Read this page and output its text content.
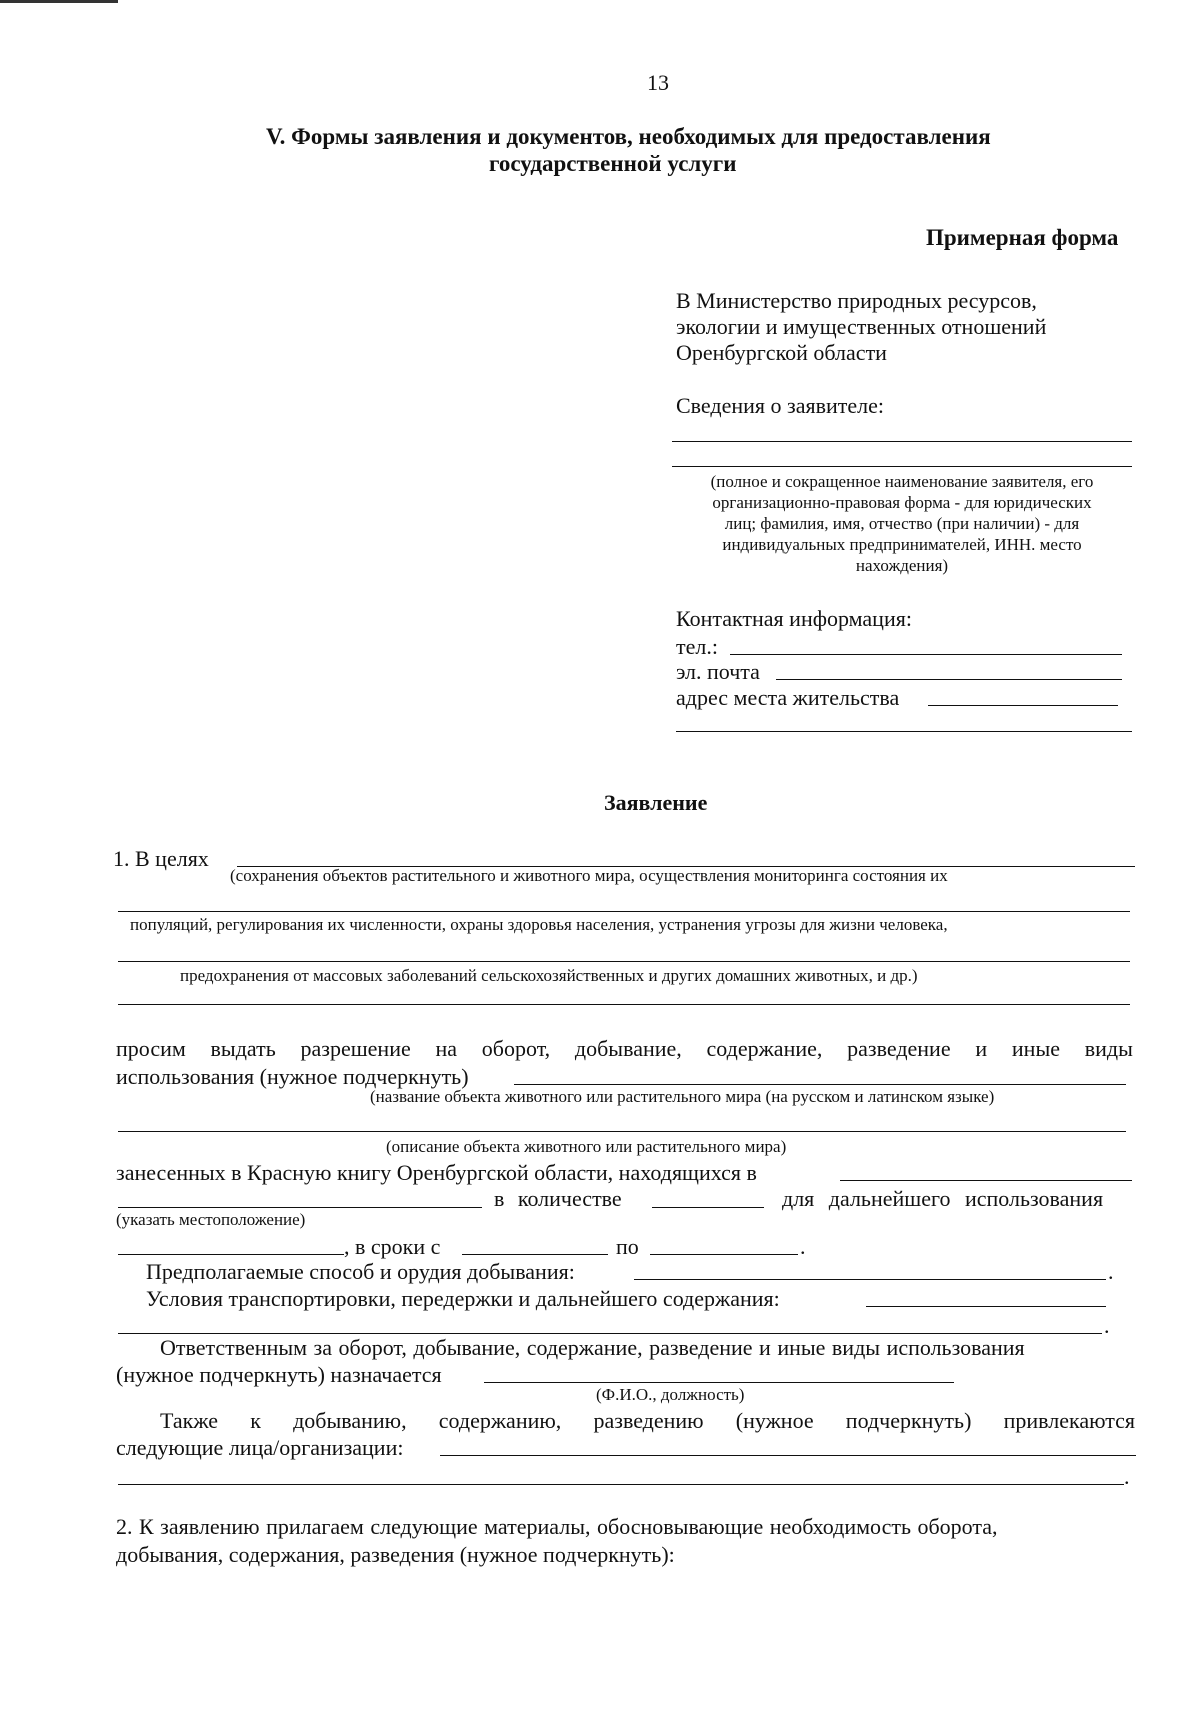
13
V. Формы заявления и документов, необходимых для предоставления
государственной услуги
Примерная форма
В Министерство природных ресурсов,
экологии и имущественных отношений
Оренбургской области
Сведения о заявителе:
(полное и сокращенное наименование заявителя, его
организационно-правовая форма - для юридических
лиц; фамилия, имя, отчество (при наличии) - для
индивидуальных предпринимателей, ИНН. место
нахождения)
Контактная информация:
тел.:
эл. почта
адрес места жительства
Заявление
1. В целях
(сохранения объектов растительного и животного мира, осуществления мониторинга состояния их
популяций, регулирования их численности, охраны здоровья населения, устранения угрозы для жизни человека,
предохранения от массовых заболеваний сельскохозяйственных и других домашних животных, и др.)
просим выдать разрешение на оборот, добывание, содержание, разведение и иные виды
использования (нужное подчеркнуть)
(название объекта животного или растительного мира (на русском и латинском языке)
(описание объекта животного или растительного мира)
занесенных в Красную книгу Оренбургской области, находящихся в
в количестве	для дальнейшего использования
(указать местоположение)
, в сроки с	по	.
Предполагаемые способ и орудия добывания:	.
Условия транспортировки, передержки и дальнейшего содержания:
.
Ответственным за оборот, добывание, содержание, разведение и иные виды использования
(нужное подчеркнуть) назначается
(Ф.И.О., должность)
Также к добыванию, содержанию, разведению (нужное подчеркнуть) привлекаются
следующие лица/организации:
.
2. К заявлению прилагаем следующие материалы, обосновывающие необходимость оборота,
добывания, содержания, разведения (нужное подчеркнуть):
